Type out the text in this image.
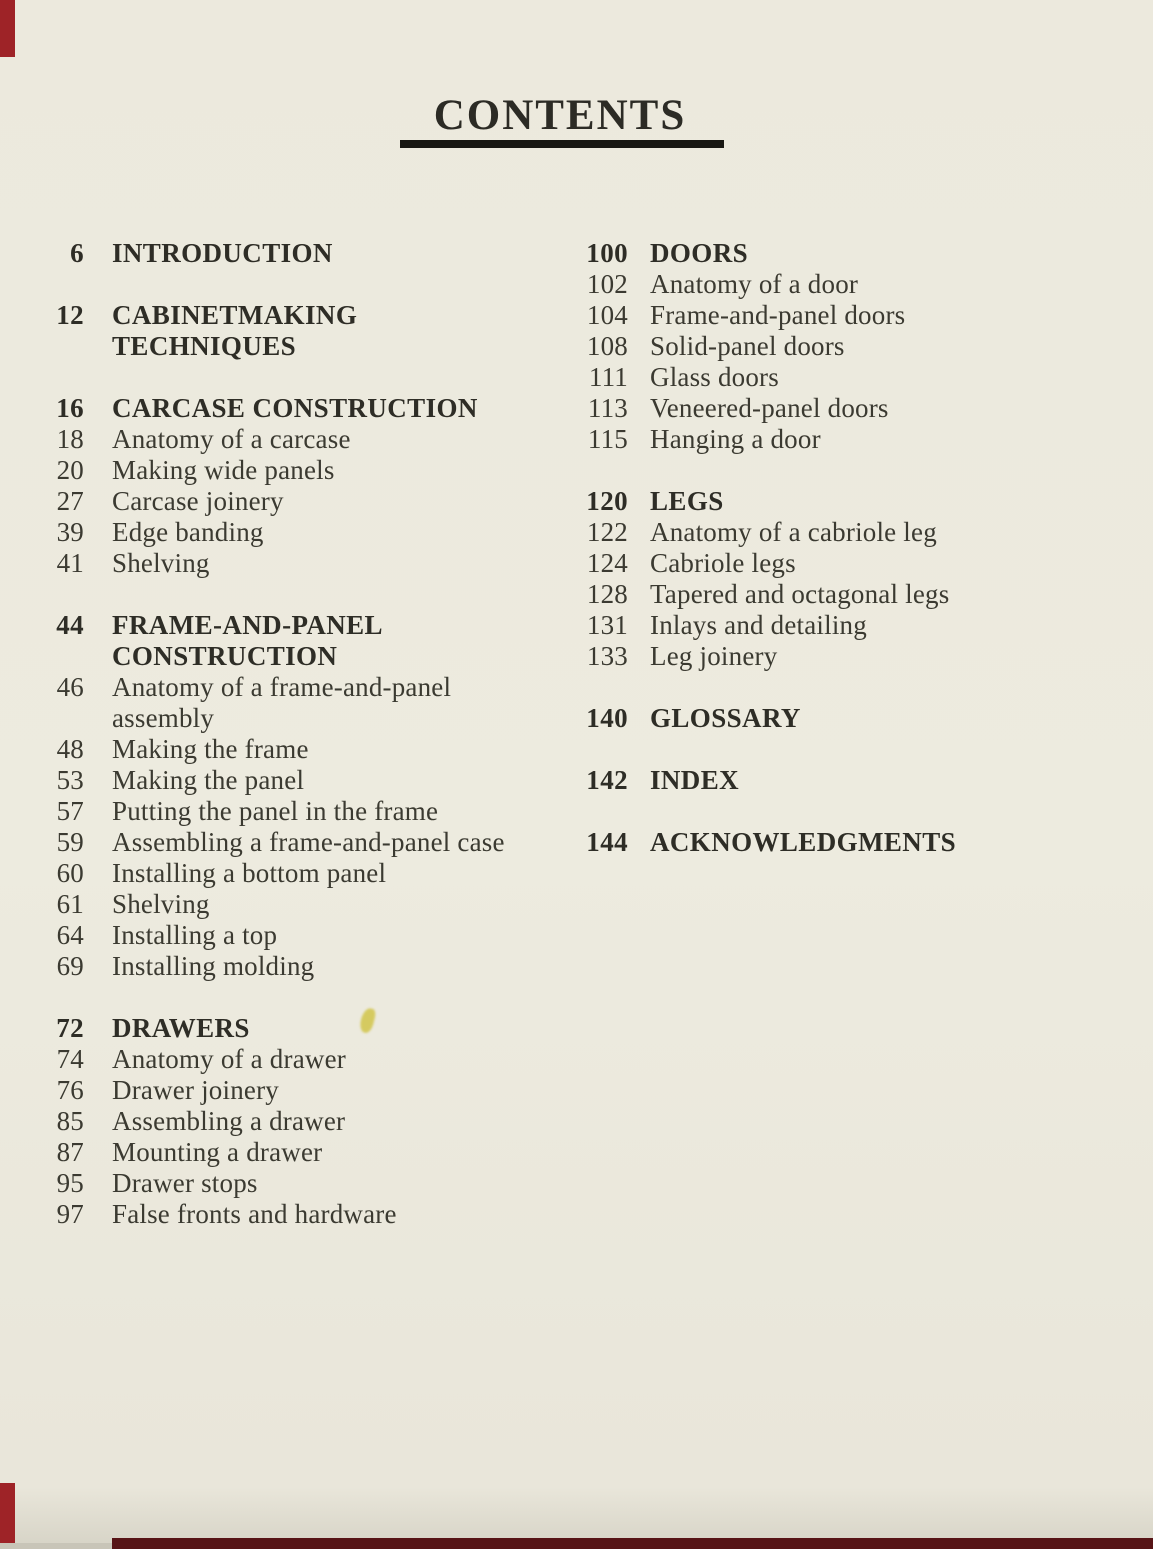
CONTENTS
6 INTRODUCTION
12 CABINETMAKING TECHNIQUES
16 CARCASE CONSTRUCTION
18 Anatomy of a carcase
20 Making wide panels
27 Carcase joinery
39 Edge banding
41 Shelving
44 FRAME-AND-PANEL CONSTRUCTION
46 Anatomy of a frame-and-panel assembly
48 Making the frame
53 Making the panel
57 Putting the panel in the frame
59 Assembling a frame-and-panel case
60 Installing a bottom panel
61 Shelving
64 Installing a top
69 Installing molding
72 DRAWERS
74 Anatomy of a drawer
76 Drawer joinery
85 Assembling a drawer
87 Mounting a drawer
95 Drawer stops
97 False fronts and hardware
100 DOORS
102 Anatomy of a door
104 Frame-and-panel doors
108 Solid-panel doors
111 Glass doors
113 Veneered-panel doors
115 Hanging a door
120 LEGS
122 Anatomy of a cabriole leg
124 Cabriole legs
128 Tapered and octagonal legs
131 Inlays and detailing
133 Leg joinery
140 GLOSSARY
142 INDEX
144 ACKNOWLEDGMENTS
